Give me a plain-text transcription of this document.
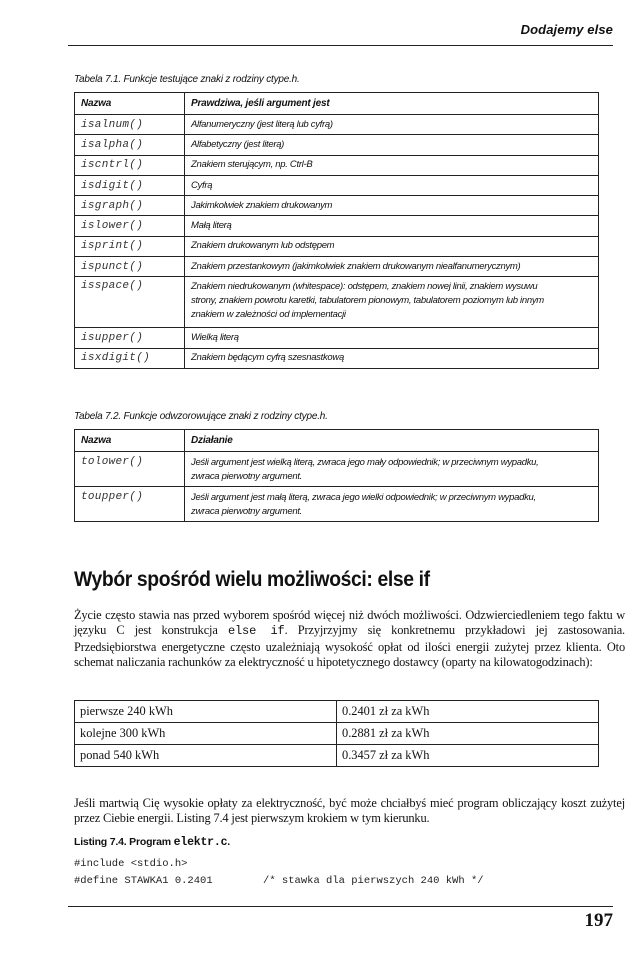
Dodajemy else
Tabela 7.1. Funkcje testujące znaki z rodziny ctype.h.
Nazwa	Prawdziwa, jeśli argument jest
isalnum()	Alfanumeryczny (jest literą lub cyfrą)
isalpha()	Alfabetyczny (jest literą)
iscntrl()	Znakiem sterującym, np. Ctrl-B
isdigit()	Cyfrą
isgraph()	Jakimkolwiek znakiem drukowanym
islower()	Małą literą
isprint()	Znakiem drukowanym lub odstępem
ispunct()	Znakiem przestankowym (jakimkolwiek znakiem drukowanym niealfanumerycznym)
isspace()	Znakiem niedrukowanym (whitespace): odstępem, znakiem nowej linii, znakiem wysuwu
strony, znakiem powrotu karetki, tabulatorem pionowym, tabulatorem poziomym lub innym
znakiem w zależności od implementacji

isupper()	Wielką literą
isxdigit()	Znakiem będącym cyfrą szesnastkową
Tabela 7.2. Funkcje odwzorowujące znaki z rodziny ctype.h.
Nazwa	Działanie
tolower()	Jeśli argument jest wielką literą, zwraca jego mały odpowiednik; w przeciwnym wypadku,
zwraca pierwotny argument.

toupper()	Jeśli argument jest małą literą, zwraca jego wielki odpowiednik; w przeciwnym wypadku,
zwraca pierwotny argument.
Wybór spośród wielu możliwości: else if

Życie często stawia nas przed wyborem spośród więcej niż dwóch możliwości. Odzwierciedleniem tego faktu w języku C jest konstrukcja else if. Przyjrzyjmy się konkretnemu przykładowi jej zastosowania. Przedsiębiorstwa energetyczne często uzależniają wysokość opłat od ilości energii zużytej przez klienta. Oto schemat naliczania rachunków za elektryczność u hipotetycznego dostawcy (oparty na kilowatogodzinach):

pierwsze 240 kWh	0.2401 zł za kWh
kolejne 300 kWh	0.2881 zł za kWh
ponad 540 kWh	0.3457 zł za kWh

Jeśli martwią Cię wysokie opłaty za elektryczność, być może chciałbyś mieć program obliczający koszt zużytej przez Ciebie energii. Listing 7.4 jest pierwszym krokiem w tym kierunku.

Listing 7.4. Program elektr.c.
#include <stdio.h>
#define STAWKA1 0.2401        /* stawka dla pierwszych 240 kWh */
197
